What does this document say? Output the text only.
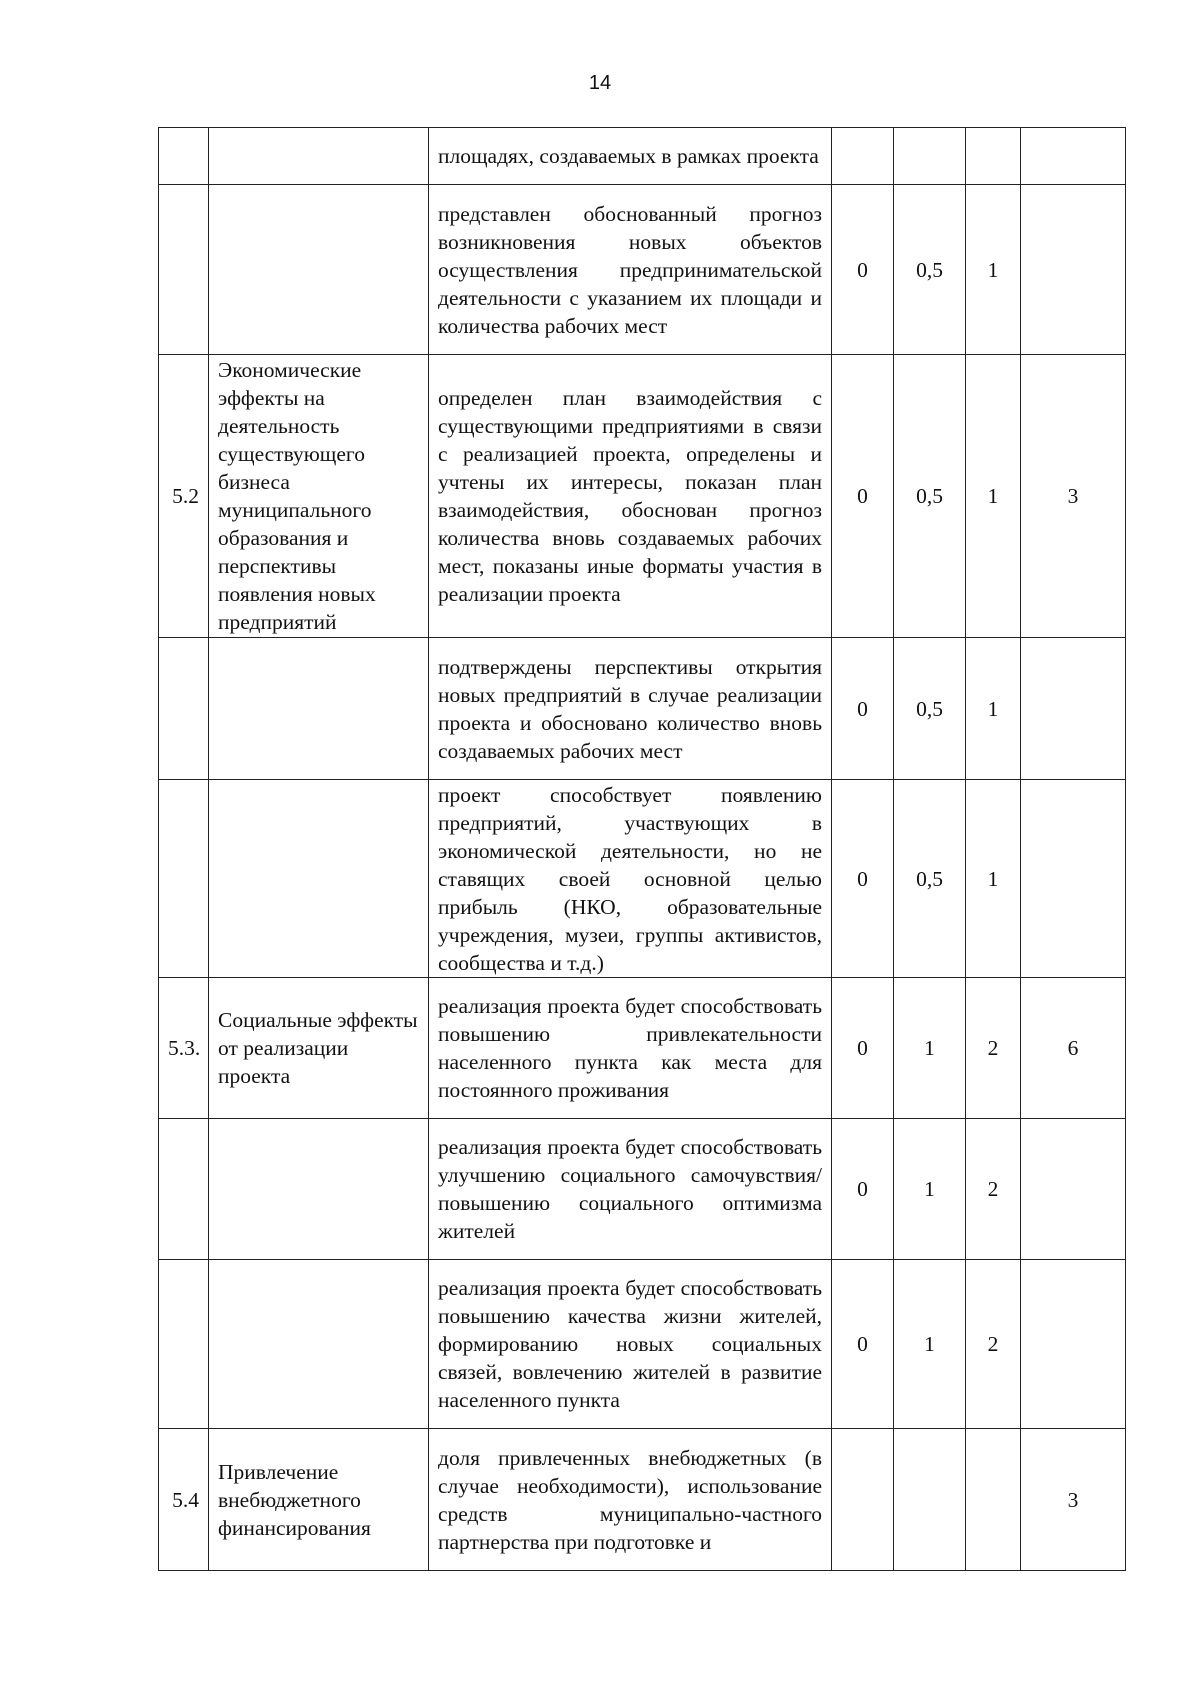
14
		площадях, создаваемых в рамках проекта				
		представлен обоснованный прогноз возникновения новых объектов осуществления предпринимательской деятельности с указанием их площади и количества рабочих мест	0	0,5	1	
5.2	Экономические эффекты на деятельность существующего бизнеса муниципального образования и перспективы появления новых предприятий	определен план взаимодействия с существующими предприятиями в связи с реализацией проекта, определены и учтены их интересы, показан план взаимодействия, обоснован прогноз количества вновь создаваемых рабочих мест, показаны иные форматы участия в реализации проекта	0	0,5	1	3
		подтверждены перспективы открытия новых предприятий в случае реализации проекта и обосновано количество вновь создаваемых рабочих мест	0	0,5	1	
		проект способствует появлению предприятий, участвующих в экономической деятельности, но не ставящих своей основной целью прибыль (НКО, образовательные учреждения, музеи, группы активистов, сообщества и т.д.)	0	0,5	1	
5.3.	Социальные эффекты от реализации проекта	реализация проекта будет способствовать повышению привлекательности населенного пункта как места для постоянного проживания	0	1	2	6
		реализация проекта будет способствовать улучшению социального самочувствия/ повышению социального оптимизма жителей	0	1	2	
		реализация проекта будет способствовать повышению качества жизни жителей, формированию новых социальных связей, вовлечению жителей в развитие населенного пункта	0	1	2	
5.4	Привлечение внебюджетного финансирования	доля привлеченных внебюджетных (в случае необходимости), использование средств муниципально-частного партнерства при подготовке и				3
